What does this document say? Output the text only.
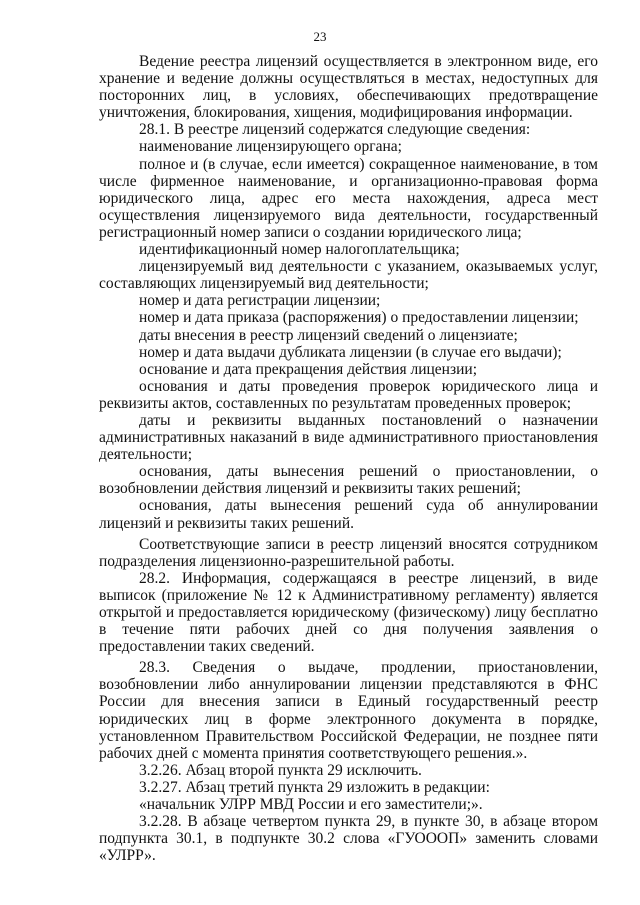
23

Ведение реестра лицензий осуществляется в электронном виде, его хранение и ведение должны осуществляться в местах, недоступных для посторонних лиц, в условиях, обеспечивающих предотвращение уничтожения, блокирования, хищения, модифицирования информации.

28.1. В реестре лицензий содержатся следующие сведения:

наименование лицензирующего органа;

полное и (в случае, если имеется) сокращенное наименование, в том числе фирменное наименование, и организационно-правовая форма юридического лица, адрес его места нахождения, адреса мест осуществления лицензируемого вида деятельности, государственный регистрационный номер записи о создании юридического лица;

идентификационный номер налогоплательщика;

лицензируемый вид деятельности с указанием, оказываемых услуг, составляющих лицензируемый вид деятельности;

номер и дата регистрации лицензии;

номер и дата приказа (распоряжения) о предоставлении лицензии;

даты внесения в реестр лицензий сведений о лицензиате;

номер и дата выдачи дубликата лицензии (в случае его выдачи);

основание и дата прекращения действия лицензии;

основания и даты проведения проверок юридического лица и реквизиты актов, составленных по результатам проведенных проверок;

даты и реквизиты выданных постановлений о назначении административных наказаний в виде административного приостановления деятельности;

основания, даты вынесения решений о приостановлении, о возобновлении действия лицензий и реквизиты таких решений;

основания, даты вынесения решений суда об аннулировании лицензий и реквизиты таких решений.

Соответствующие записи в реестр лицензий вносятся сотрудником подразделения лицензионно-разрешительной работы.

28.2. Информация, содержащаяся в реестре лицензий, в виде выписок (приложение № 12 к Административному регламенту) является открытой и предоставляется юридическому (физическому) лицу бесплатно в течение пяти рабочих дней со дня получения заявления о предоставлении таких сведений.

28.3. Сведения о выдаче, продлении, приостановлении, возобновлении либо аннулировании лицензии представляются в ФНС России для внесения записи в Единый государственный реестр юридических лиц в форме электронного документа в порядке, установленном Правительством Российской Федерации, не позднее пяти рабочих дней с момента принятия соответствующего решения.».

3.2.26. Абзац второй пункта 29 исключить.

3.2.27. Абзац третий пункта 29 изложить в редакции:

«начальник УЛРР МВД России и его заместители;».

3.2.28. В абзаце четвертом пункта 29, в пункте 30, в абзаце втором подпункта 30.1, в подпункте 30.2 слова «ГУОООП» заменить словами «УЛРР».
